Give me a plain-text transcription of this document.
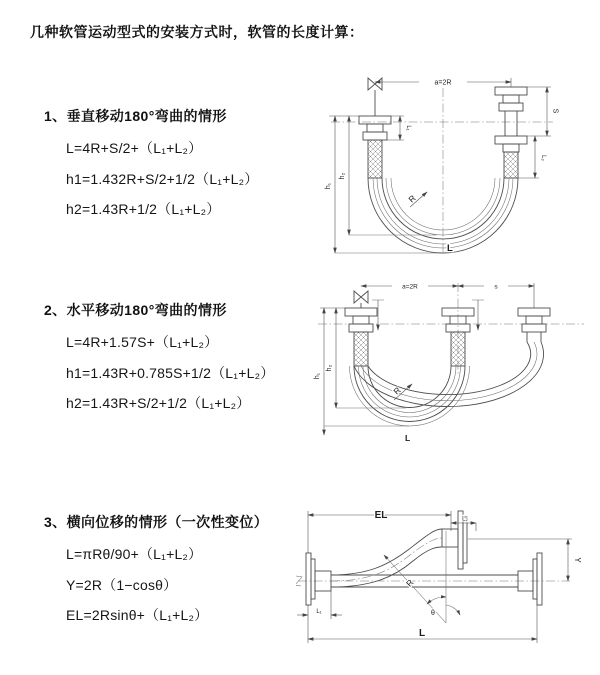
几种软管运动型式的安装方式时，软管的长度计算：
1、垂直移动180°弯曲的情形
L=4R+S/2+（L₁+L₂）
h1=1.432R+S/2+1/2（L₁+L₂）
h2=1.43R+1/2（L₁+L₂）
2、水平移动180°弯曲的情形
L=4R+1.57S+（L₁+L₂）
h1=1.43R+0.785S+1/2（L₁+L₂）
h2=1.43R+S/2+1/2（L₁+L₂）
3、横向位移的情形（一次性变位）
L=πRθ/90+（L₁+L₂）
Y=2R（1−cosθ）
EL=2Rsinθ+（L₁+L₂）
a=2R
S
L₂
L₁
h₁
h₂
R
L
a=2R	s
h₁
h₂
R
L
θ
R
EL	L₂
Y
L
L₁
